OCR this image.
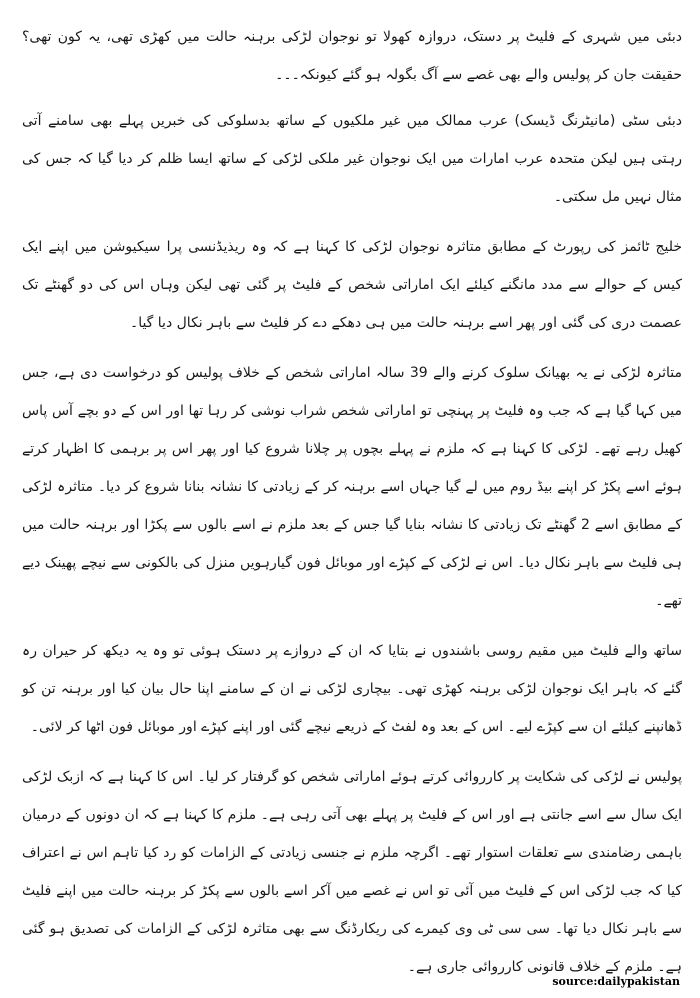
دبئی میں شہری کے فلیٹ پر دستک، دروازہ کھولا تو نوجوان لڑکی برہنہ حالت میں کھڑی تھی، یہ کون تھی؟ حقیقت جان کر پولیس والے بھی غصے سے آگ بگولہ ہو گئے کیونکہ۔۔۔

دبئی سٹی (مانیٹرنگ ڈیسک) عرب ممالک میں غیر ملکیوں کے ساتھ بدسلوکی کی خبریں پہلے بھی سامنے آتی رہتی ہیں لیکن متحدہ عرب امارات میں ایک نوجوان غیر ملکی لڑکی کے ساتھ ایسا ظلم کر دیا گیا کہ جس کی مثال نہیں مل سکتی۔

خلیج ٹائمز کی رپورٹ کے مطابق متاثرہ نوجوان لڑکی کا کہنا ہے کہ وہ ریذیڈنسی پرا سیکیوشن میں اپنے ایک کیس کے حوالے سے مدد مانگنے کیلئے ایک اماراتی شخص کے فلیٹ پر گئی تھی لیکن وہاں اس کی دو گھنٹے تک عصمت دری کی گئی اور پھر اسے برہنہ حالت میں ہی دھکے دے کر فلیٹ سے باہر نکال دیا گیا۔

متاثرہ لڑکی نے یہ بھیانک سلوک کرنے والے 39 سالہ اماراتی شخص کے خلاف پولیس کو درخواست دی ہے، جس میں کہا گیا ہے کہ جب وہ فلیٹ پر پہنچی تو اماراتی شخص شراب نوشی کر رہا تھا اور اس کے دو بچے آس پاس کھیل رہے تھے۔ لڑکی کا کہنا ہے کہ ملزم نے پہلے بچوں پر چلانا شروع کیا اور پھر اس پر برہمی کا اظہار کرتے ہوئے اسے پکڑ کر اپنے بیڈ روم میں لے گیا جہاں اسے برہنہ کر کے زیادتی کا نشانہ بنانا شروع کر دیا۔ متاثرہ لڑکی کے مطابق اسے 2 گھنٹے تک زیادتی کا نشانہ بنایا گیا جس کے بعد ملزم نے اسے بالوں سے پکڑا اور برہنہ حالت میں ہی فلیٹ سے باہر نکال دیا۔ اس نے لڑکی کے کپڑے اور موبائل فون گیارہویں منزل کی بالکونی سے نیچے پھینک دیے تھے۔

ساتھ والے فلیٹ میں مقیم روسی باشندوں نے بتایا کہ ان کے دروازے پر دستک ہوئی تو وہ یہ دیکھ کر حیران رہ گئے کہ باہر ایک نوجوان لڑکی برہنہ کھڑی تھی۔ بیچاری لڑکی نے ان کے سامنے اپنا حال بیان کیا اور برہنہ تن کو ڈھانپنے کیلئے ان سے کپڑے لیے۔ اس کے بعد وہ لفٹ کے ذریعے نیچے گئی اور اپنے کپڑے اور موبائل فون اٹھا کر لائی۔

پولیس نے لڑکی کی شکایت پر کارروائی کرتے ہوئے اماراتی شخص کو گرفتار کر لیا۔ اس کا کہنا ہے کہ ازبک لڑکی ایک سال سے اسے جانتی ہے اور اس کے فلیٹ پر پہلے بھی آتی رہی ہے۔ ملزم کا کہنا ہے کہ ان دونوں کے درمیان باہمی رضامندی سے تعلقات استوار تھے۔ اگرچہ ملزم نے جنسی زیادتی کے الزامات کو رد کیا تاہم اس نے اعتراف کیا کہ جب لڑکی اس کے فلیٹ میں آئی تو اس نے غصے میں آکر اسے بالوں سے پکڑ کر برہنہ حالت میں اپنے فلیٹ سے باہر نکال دیا تھا۔ سی سی ٹی وی کیمرے کی ریکارڈنگ سے بھی متاثرہ لڑکی کے الزامات کی تصدیق ہو گئی ہے۔ ملزم کے خلاف قانونی کارروائی جاری ہے۔

source:dailypakistan
